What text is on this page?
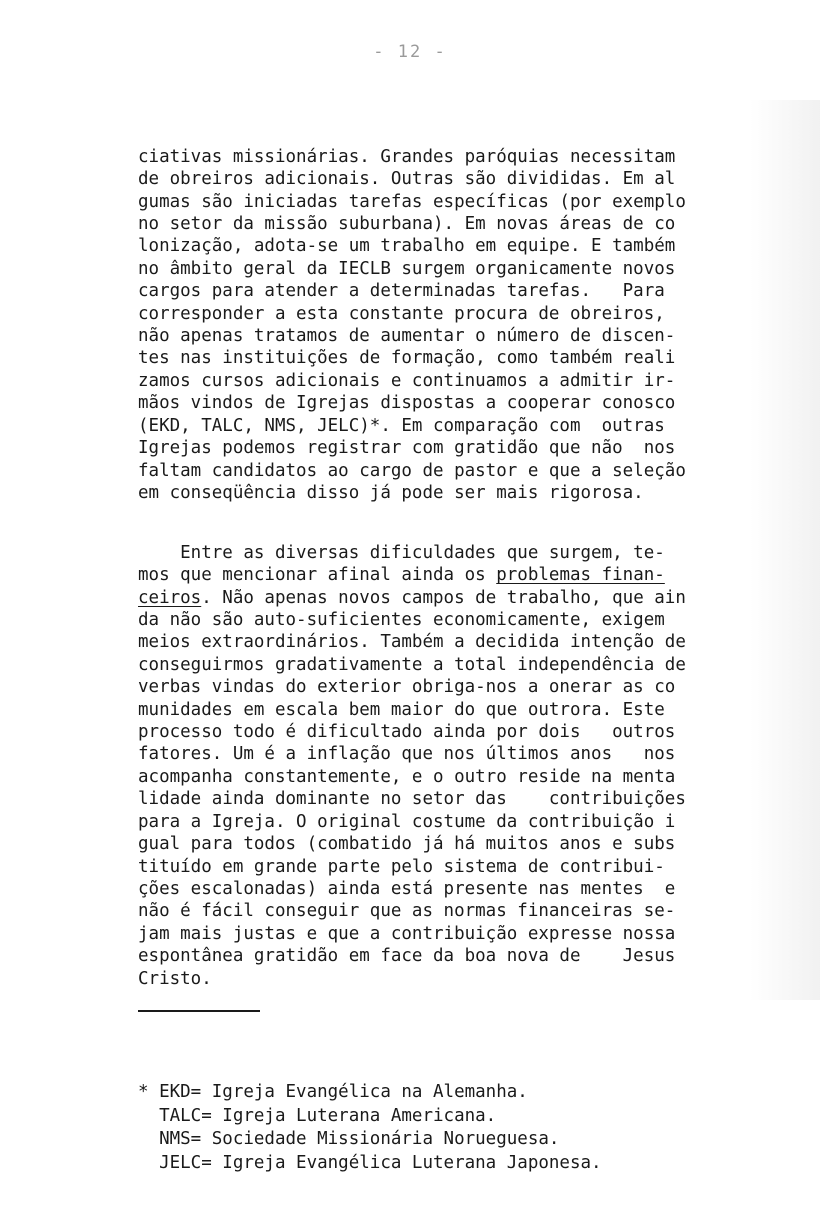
- 12 -

ciativas missionárias. Grandes paróquias necessitam
de obreiros adicionais. Outras são divididas. Em al
gumas são iniciadas tarefas específicas (por exemplo
no setor da missão suburbana). Em novas áreas de co
lonização, adota-se um trabalho em equipe. E também
no âmbito geral da IECLB surgem organicamente novos
cargos para atender a determinadas tarefas.   Para
corresponder a esta constante procura de obreiros,
não apenas tratamos de aumentar o número de discen-
tes nas instituições de formação, como também reali
zamos cursos adicionais e continuamos a admitir ir-
mãos vindos de Igrejas dispostas a cooperar conosco
(EKD, TALC, NMS, JELC)*. Em comparação com  outras
Igrejas podemos registrar com gratidão que não  nos
faltam candidatos ao cargo de pastor e que a seleção
em conseqüência disso já pode ser mais rigorosa.

Entre as diversas dificuldades que surgem, te-
mos que mencionar afinal ainda os problemas finan-
ceiros. Não apenas novos campos de trabalho, que ain
da não são auto-suficientes economicamente, exigem
meios extraordinários. Também a decidida intenção de
conseguirmos gradativamente a total independência de
verbas vindas do exterior obriga-nos a onerar as co
munidades em escala bem maior do que outrora. Este
processo todo é dificultado ainda por dois   outros
fatores. Um é a inflação que nos últimos anos   nos
acompanha constantemente, e o outro reside na menta
lidade ainda dominante no setor das    contribuições
para a Igreja. O original costume da contribuição i
gual para todos (combatido já há muitos anos e subs
tituído em grande parte pelo sistema de contribui-
ções escalonadas) ainda está presente nas mentes  e
não é fácil conseguir que as normas financeiras se-
jam mais justas e que a contribuição expresse nossa
espontânea gratidão em face da boa nova de    Jesus
Cristo.

* EKD= Igreja Evangélica na Alemanha.
TALC= Igreja Luterana Americana.
NMS= Sociedade Missionária Norueguesa.
JELC= Igreja Evangélica Luterana Japonesa.
